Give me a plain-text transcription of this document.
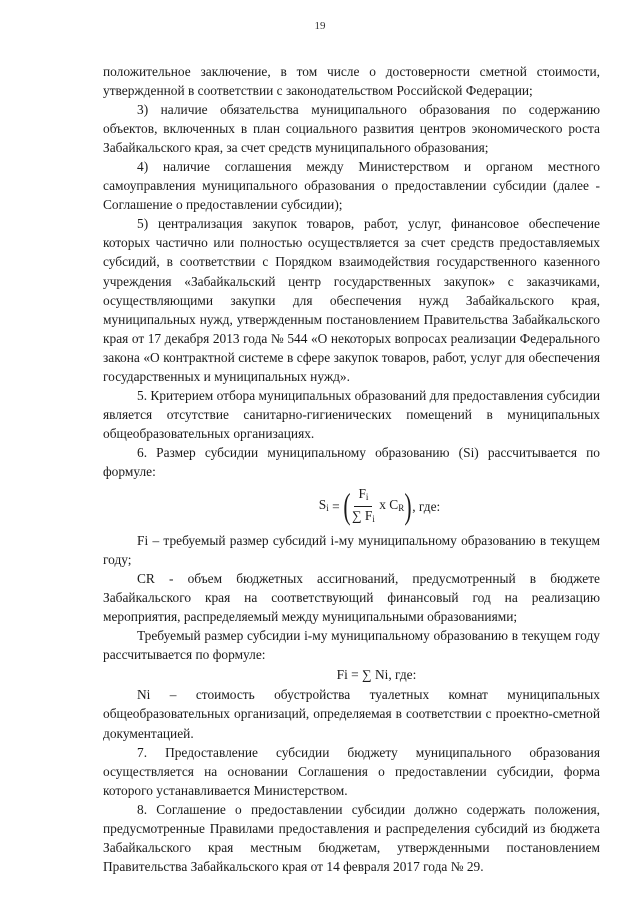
19

положительное заключение, в том числе о достоверности сметной стоимости, утвержденной в соответствии с законодательством Российской Федерации;

3) наличие обязательства муниципального образования по содержанию объектов, включенных в план социального развития центров экономического роста Забайкальского края, за счет средств муниципального образования;

4) наличие соглашения между Министерством и органом местного самоуправления муниципального образования о предоставлении субсидии (далее - Соглашение о предоставлении субсидии);

5) централизация закупок товаров, работ, услуг, финансовое обеспечение которых частично или полностью осуществляется за счет средств предоставляемых субсидий, в соответствии с Порядком взаимодействия государственного казенного учреждения «Забайкальский центр государственных закупок» с заказчиками, осуществляющими закупки для обеспечения нужд Забайкальского края, муниципальных нужд, утвержденным постановлением Правительства Забайкальского края от 17 декабря 2013 года № 544 «О некоторых вопросах реализации Федерального закона «О контрактной системе в сфере закупок товаров, работ, услуг для обеспечения государственных и муниципальных нужд».

5. Критерием отбора муниципальных образований для предоставления субсидии является отсутствие санитарно-гигиенических помещений в муниципальных общеобразовательных организациях.

6. Размер субсидии муниципальному образованию (Si) рассчитывается по формуле:

$S_i$
=
( $\frac{F_i}{\sum F_i}$
x $C_R$ ) , где:

Fi – требуемый размер субсидий i-му муниципальному образованию в текущем году;

CR - объем бюджетных ассигнований, предусмотренный в бюджете Забайкальского края на соответствующий финансовый год на реализацию мероприятия, распределяемый между муниципальными образованиями;

Требуемый размер субсидии i-му муниципальному образованию в текущем году рассчитывается по формуле:

Fi = ∑ Ni, где:

Ni – стоимость обустройства туалетных комнат муниципальных общеобразовательных организаций, определяемая в соответствии с проектно-сметной документацией.

7. Предоставление субсидии бюджету муниципального образования осуществляется на основании Соглашения о предоставлении субсидии, форма которого устанавливается Министерством.

8. Соглашение о предоставлении субсидии должно содержать положения, предусмотренные Правилами предоставления и распределения субсидий из бюджета Забайкальского края местным бюджетам, утвержденными постановлением Правительства Забайкальского края от 14 февраля 2017 года № 29.
